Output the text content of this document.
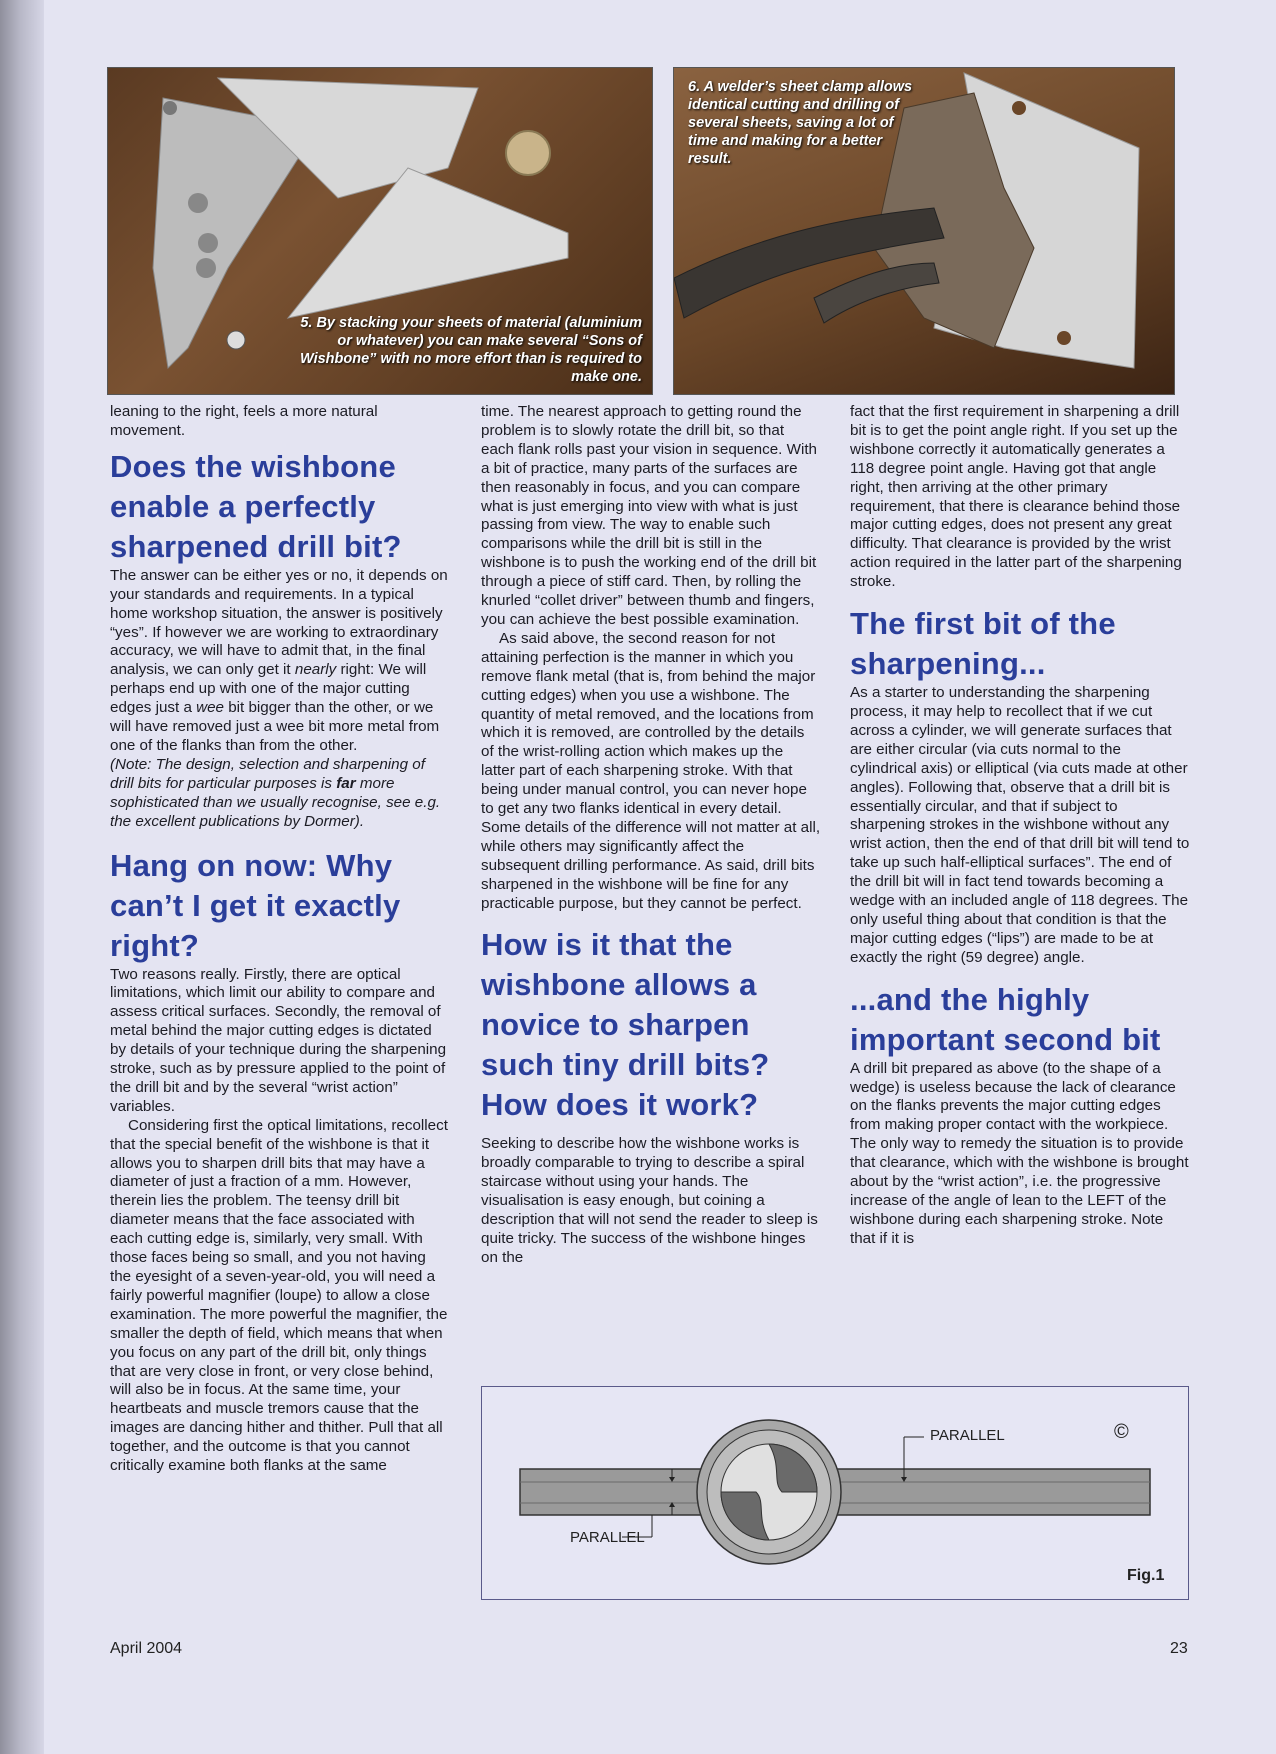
5. By stacking your sheets of material (aluminium or whatever) you can make several “Sons of Wishbone” with no more effort than is required to make one.
6. A welder’s sheet clamp allows identical cutting and drilling of several sheets, saving a lot of time and making for a better result.

leaning to the right, feels a more natural movement.

Does the wishbone enable a perfectly sharpened drill bit?

The answer can be either yes or no, it depends on your standards and requirements. In a typical home workshop situation, the answer is positively “yes”. If however we are working to extraordinary accuracy, we will have to admit that, in the final analysis, we can only get it nearly right: We will perhaps end up with one of the major cutting edges just a wee bit bigger than the other, or we will have removed just a wee bit more metal from one of the flanks than from the other.

(Note: The design, selection and sharpening of drill bits for particular purposes is far more sophisticated than we usually recognise, see e.g. the excellent publications by Dormer).

Hang on now: Why can’t I get it exactly right?

Two reasons really. Firstly, there are optical limitations, which limit our ability to compare and assess critical surfaces. Secondly, the removal of metal behind the major cutting edges is dictated by details of your technique during the sharpening stroke, such as by pressure applied to the point of the drill bit and by the several “wrist action” variables.

Considering first the optical limitations, recollect that the special benefit of the wishbone is that it allows you to sharpen drill bits that may have a diameter of just a fraction of a mm. However, therein lies the problem. The teensy drill bit diameter means that the face associated with each cutting edge is, similarly, very small. With those faces being so small, and you not having the eyesight of a seven-year-old, you will need a fairly powerful magnifier (loupe) to allow a close examination. The more powerful the magnifier, the smaller the depth of field, which means that when you focus on any part of the drill bit, only things that are very close in front, or very close behind, will also be in focus. At the same time, your heartbeats and muscle tremors cause that the images are dancing hither and thither. Pull that all together, and the outcome is that you cannot critically examine both flanks at the same

time. The nearest approach to getting round the problem is to slowly rotate the drill bit, so that each flank rolls past your vision in sequence. With a bit of practice, many parts of the surfaces are then reasonably in focus, and you can compare what is just emerging into view with what is just passing from view. The way to enable such comparisons while the drill bit is still in the wishbone is to push the working end of the drill bit through a piece of stiff card. Then, by rolling the knurled “collet driver” between thumb and fingers, you can achieve the best possible examination.

As said above, the second reason for not attaining perfection is the manner in which you remove flank metal (that is, from behind the major cutting edges) when you use a wishbone. The quantity of metal removed, and the locations from which it is removed, are controlled by the details of the wrist-rolling action which makes up the latter part of each sharpening stroke. With that being under manual control, you can never hope to get any two flanks identical in every detail. Some details of the difference will not matter at all, while others may significantly affect the subsequent drilling performance. As said, drill bits sharpened in the wishbone will be fine for any practicable purpose, but they cannot be perfect.

How is it that the wishbone allows a novice to sharpen such tiny drill bits? How does it work?

Seeking to describe how the wishbone works is broadly comparable to trying to describe a spiral staircase without using your hands. The visualisation is easy enough, but coining a description that will not send the reader to sleep is quite tricky. The success of the wishbone hinges on the

fact that the first requirement in sharpening a drill bit is to get the point angle right. If you set up the wishbone correctly it automatically generates a 118 degree point angle. Having got that angle right, then arriving at the other primary requirement, that there is clearance behind those major cutting edges, does not present any great difficulty. That clearance is provided by the wrist action required in the latter part of the sharpening stroke.

The first bit of the sharpening...

As a starter to understanding the sharpening process, it may help to recollect that if we cut across a cylinder, we will generate surfaces that are either circular (via cuts normal to the cylindrical axis) or elliptical (via cuts made at other angles). Following that, observe that a drill bit is essentially circular, and that if subject to sharpening strokes in the wishbone without any wrist action, then the end of that drill bit will tend to take up such half-elliptical surfaces”. The end of the drill bit will in fact tend towards becoming a wedge with an included angle of 118 degrees. The only useful thing about that condition is that the major cutting edges (“lips”) are made to be at exactly the right (59 degree) angle.

...and the highly important second bit

A drill bit prepared as above (to the shape of a wedge) is useless because the lack of clearance on the flanks prevents the major cutting edges from making proper contact with the workpiece. The only way to remedy the situation is to provide that clearance, which with the wishbone is brought about by the “wrist action”, i.e. the progressive increase of the angle of lean to the LEFT of the wishbone during each sharpening stroke. Note that if it is

PARALLEL
PARALLEL
©
Fig.1
April 2004	23
